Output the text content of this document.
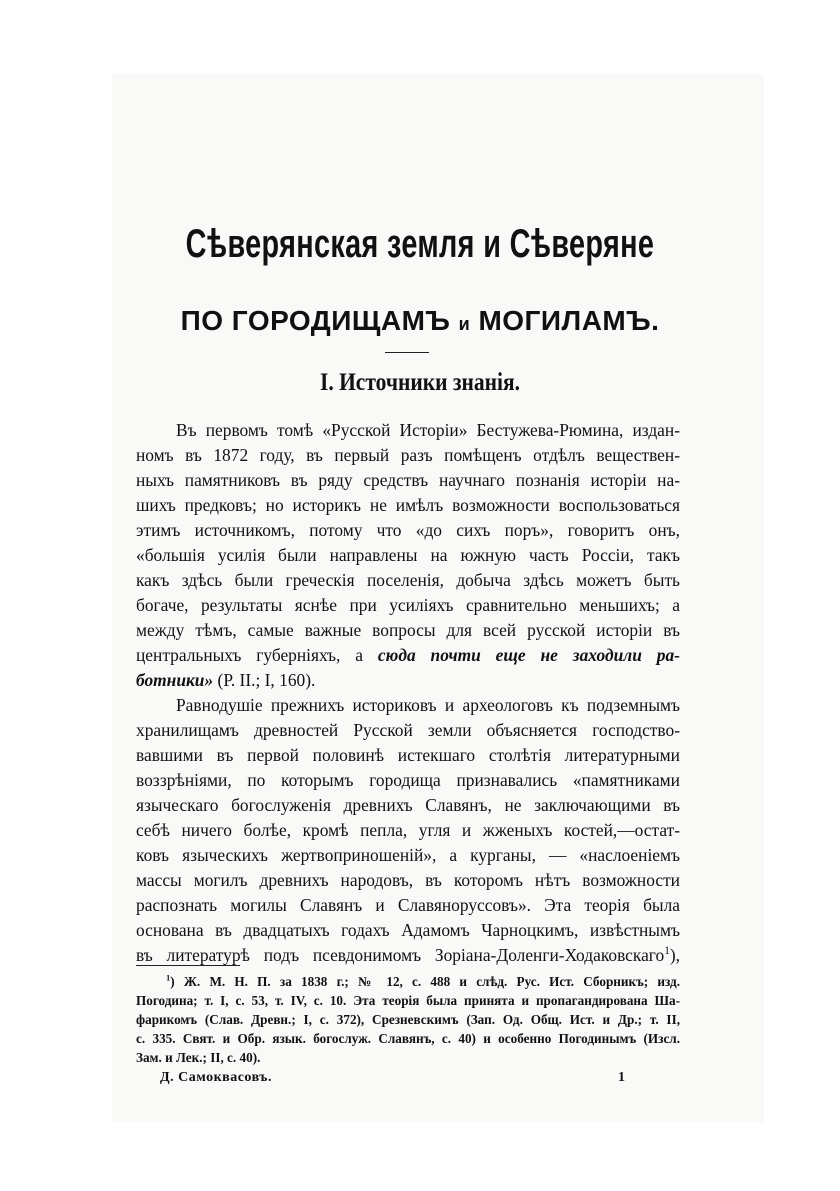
Сѣверянская земля и Сѣверяне
ПО ГОРОДИЩАМЪ и МОГИЛАМЪ.
I. Источники знанія.
Въ первомъ томѣ «Русской Исторіи» Бестужева-Рюмина, издан-
номъ въ 1872 году, въ первый разъ помѣщенъ отдѣлъ веществен-
ныхъ памятниковъ въ ряду средствъ научнаго познанія исторіи на-
шихъ предковъ; но историкъ не имѣлъ возможности воспользоваться
этимъ источникомъ, потому что «до сихъ поръ», говоритъ онъ,
«большія усилія были направлены на южную часть Россіи, такъ
какъ здѣсь были греческія поселенія, добыча здѣсь можетъ быть
богаче, результаты яснѣе при усиліяхъ сравнительно меньшихъ; а
между тѣмъ, самые важные вопросы для всей русской исторіи въ
центральныхъ губерніяхъ, а сюда почти еще не заходили ра-
ботники» (Р. II.; I, 160).
Равнодушіе прежнихъ историковъ и археологовъ къ подземнымъ
хранилищамъ древностей Русской земли объясняется господство-
вавшими въ первой половинѣ истекшаго столѣтія литературными
воззрѣніями, по которымъ городища признавались «памятниками
языческаго богослуженія древнихъ Славянъ, не заключающими въ
себѣ ничего болѣе, кромѣ пепла, угля и жженыхъ костей,—остат-
ковъ языческихъ жертвоприношеній», а курганы, — «наслоеніемъ
массы могилъ древнихъ народовъ, въ которомъ нѣтъ возможности
распознать могилы Славянъ и Славяноруссовъ». Эта теорія была
основана въ двадцатыхъ годахъ Адамомъ Чарноцкимъ, извѣстнымъ
въ литературѣ подъ псевдонимомъ Зоріана-Доленги-Ходаковскаго$^1$),
$^1$) Ж. М. Н. П. за 1838 г.; № 12, с. 488 и слѣд. Рус. Ист. Сборникъ; изд.
Погодина; т. I, с. 53, т. IV, с. 10. Эта теорія была принята и пропагандирована Ша-
фарикомъ (Слав. Древн.; I, с. 372), Срезневскимъ (Зап. Од. Общ. Ист. и Др.; т. II,
с. 335. Свят. и Обр. язык. богослуж. Славянъ, с. 40) и особенно Погодинымъ (Изсл.
Зам. и Лек.; II, с. 40).
Д. Самоквасовъ.	1
